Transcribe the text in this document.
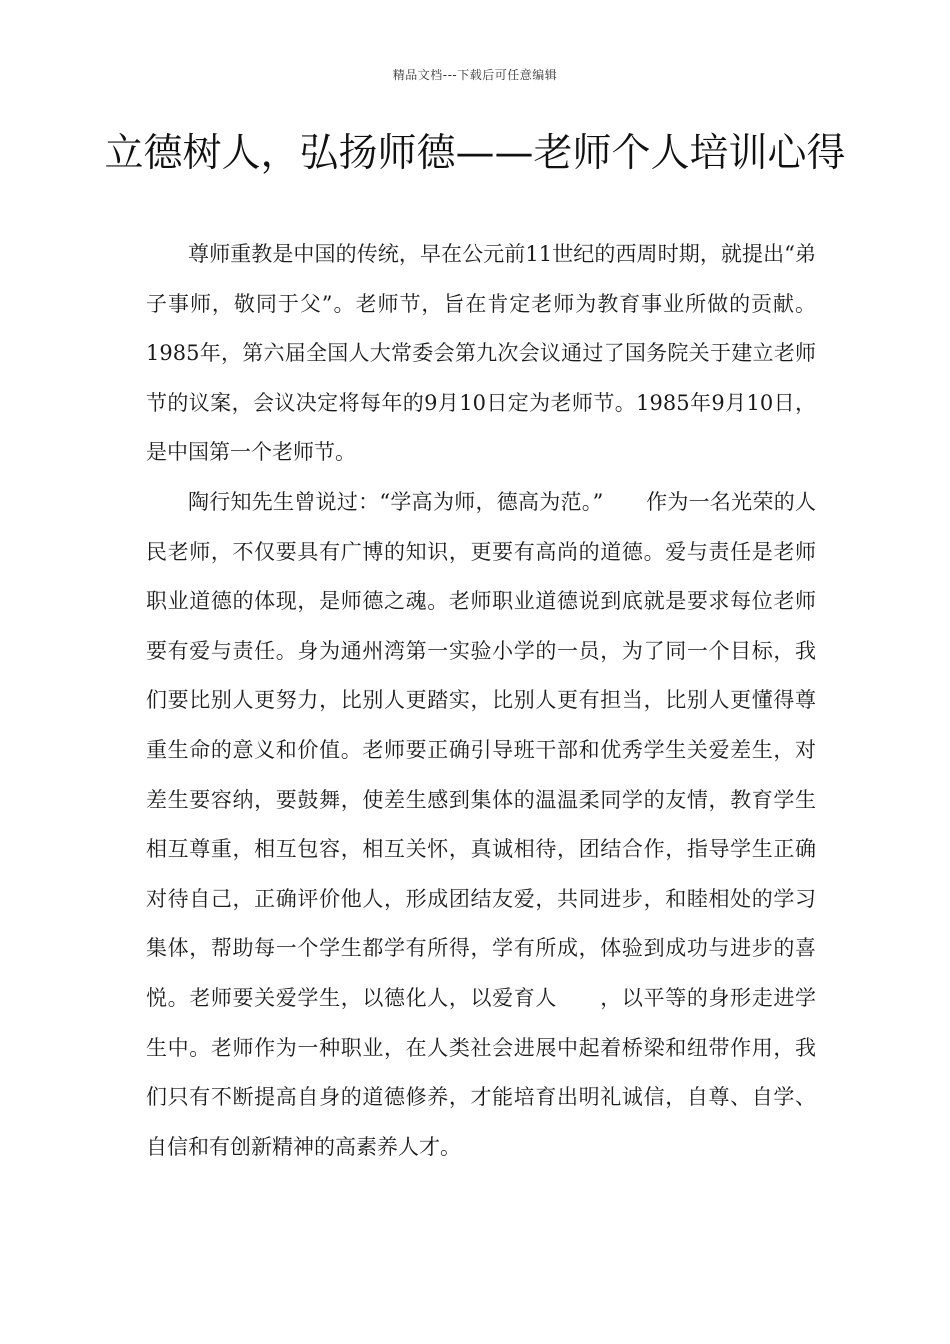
精品文档---下载后可任意编辑
立德树人，弘扬师德——老师个人培训心得

尊师重教是中国的传统，早在公元前11世纪的西周时期，就提出“弟子事师，敬同于父”。老师节，旨在肯定老师为教育事业所做的贡献。1985年，第六届全国人大常委会第九次会议通过了国务院关于建立老师节的议案，会议决定将每年的9月10日定为老师节。1985年9月10日，是中国第一个老师节。

陶行知先生曾说过：“学高为师，德高为范。”　　作为一名光荣的人民老师，不仅要具有广博的知识，更要有高尚的道德。爱与责任是老师职业道德的体现，是师德之魂。老师职业道德说到底就是要求每位老师要有爱与责任。身为通州湾第一实验小学的一员，为了同一个目标，我们要比别人更努力，比别人更踏实，比别人更有担当，比别人更懂得尊重生命的意义和价值。老师要正确引导班干部和优秀学生关爱差生，对差生要容纳，要鼓舞，使差生感到集体的温温柔同学的友情，教育学生相互尊重，相互包容，相互关怀，真诚相待，团结合作，指导学生正确对待自己，正确评价他人，形成团结友爱，共同进步，和睦相处的学习集体，帮助每一个学生都学有所得，学有所成，体验到成功与进步的喜悦。老师要关爱学生，以德化人，以爱育人　　，以平等的身形走进学生中。老师作为一种职业，在人类社会进展中起着桥梁和纽带作用，我们只有不断提高自身的道德修养，才能培育出明礼诚信，自尊、自学、自信和有创新精神的高素养人才。
